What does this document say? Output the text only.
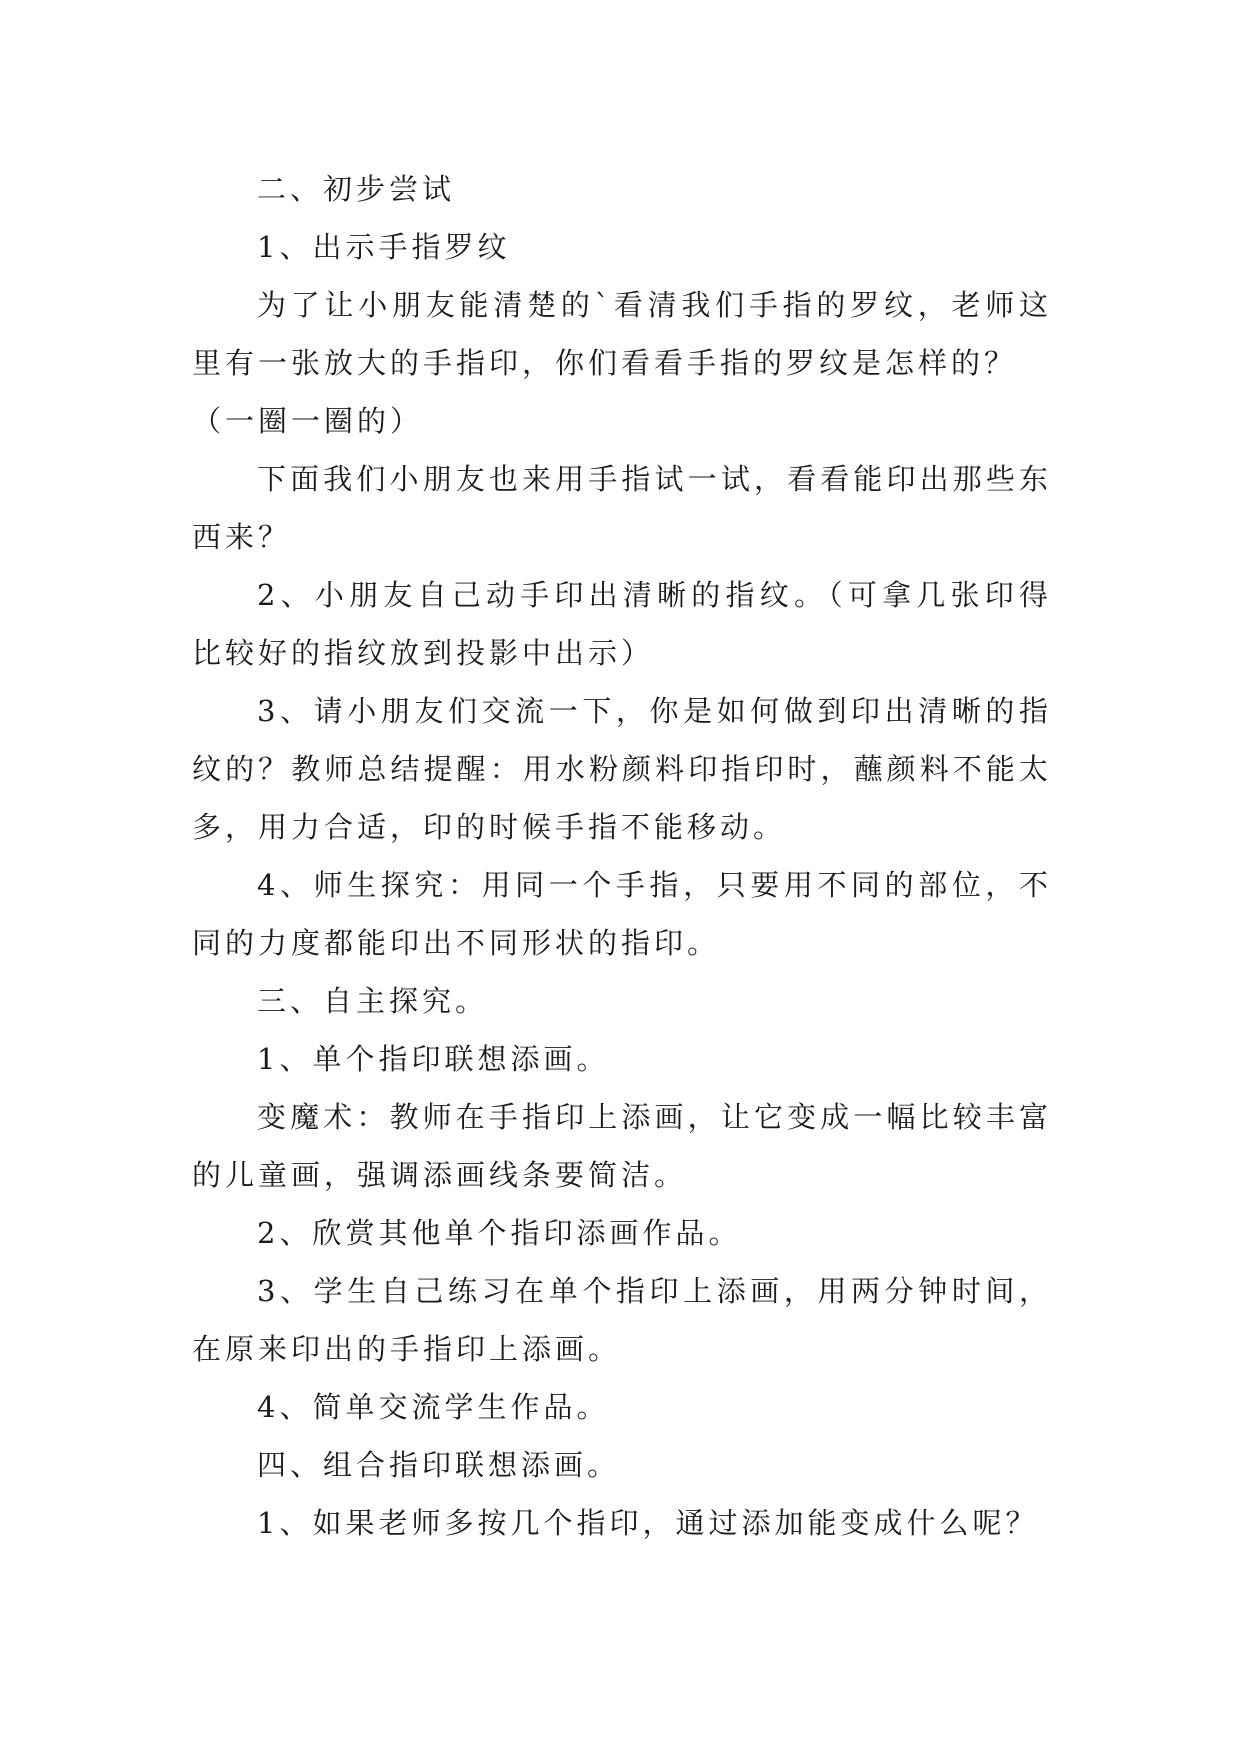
二、初步尝试

1、出示手指罗纹

为了让小朋友能清楚的`看清我们手指的罗纹，老师这里有一张放大的手指印，你们看看手指的罗纹是怎样的？

（一圈一圈的）

下面我们小朋友也来用手指试一试，看看能印出那些东西来？

2、小朋友自己动手印出清晰的指纹。（可拿几张印得比较好的指纹放到投影中出示）

3、请小朋友们交流一下，你是如何做到印出清晰的指纹的？教师总结提醒：用水粉颜料印指印时，蘸颜料不能太多，用力合适，印的时候手指不能移动。

4、师生探究：用同一个手指，只要用不同的部位，不同的力度都能印出不同形状的指印。

三、自主探究。

1、单个指印联想添画。

变魔术：教师在手指印上添画，让它变成一幅比较丰富的儿童画，强调添画线条要简洁。

2、欣赏其他单个指印添画作品。

3、学生自己练习在单个指印上添画，用两分钟时间，在原来印出的手指印上添画。

4、简单交流学生作品。

四、组合指印联想添画。

1、如果老师多按几个指印，通过添加能变成什么呢？
